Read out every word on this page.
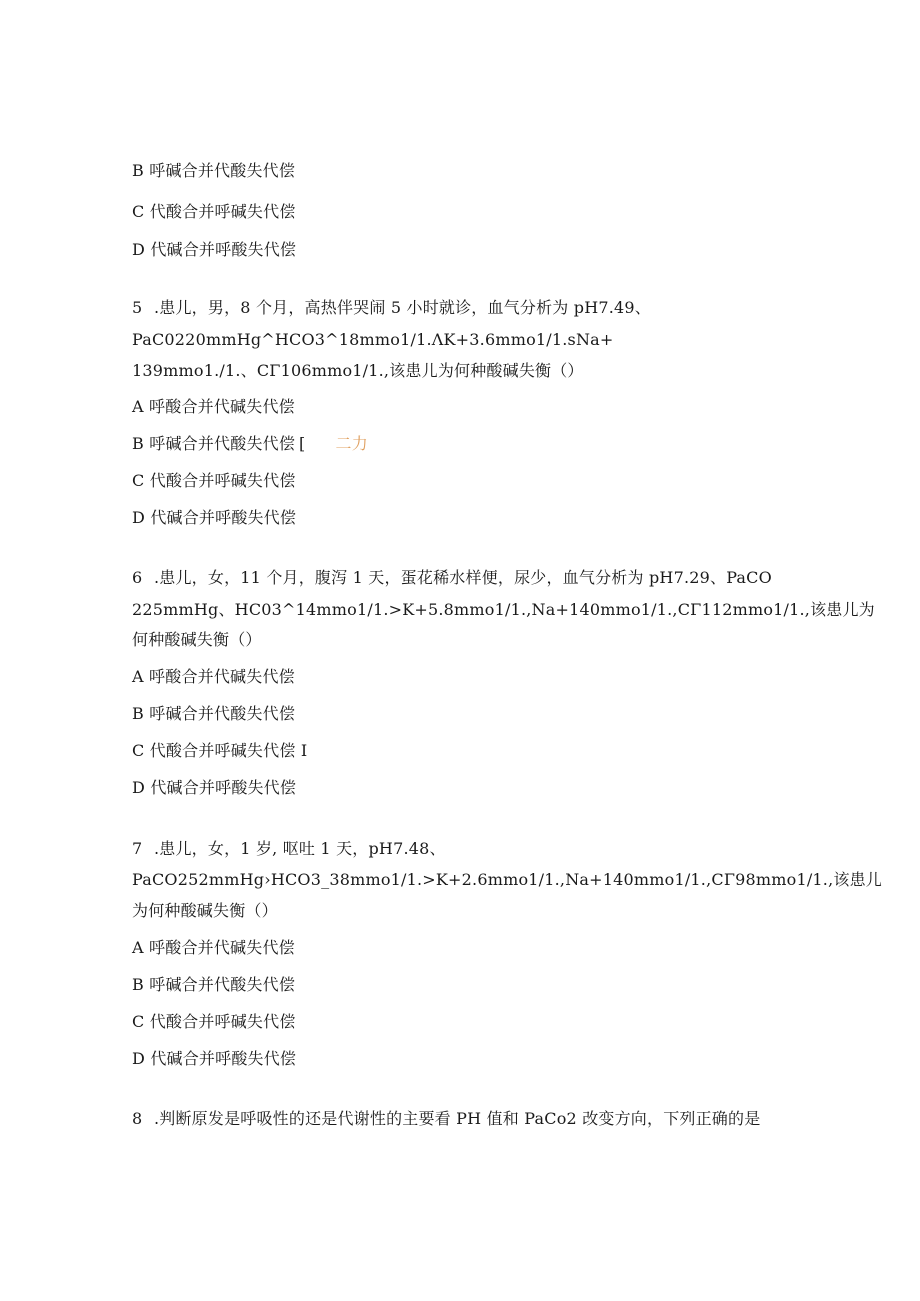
B 呼碱合并代酸失代偿
C 代酸合并呼碱失代偿
D 代碱合并呼酸失代偿
5 .患儿，男，8 个月，高热伴哭闹 5 小时就诊，血气分析为 pH7.49、
PaC0220mmHg^HCO3^18mmo1/1.ΛK+3.6mmo1/1.sNa+
139mmo1./1.、CΓ106mmo1/1.,该患儿为何种酸碱失衡（）
A 呼酸合并代碱失代偿
B 呼碱合并代酸失代偿 [ 二力
C 代酸合并呼碱失代偿
D 代碱合并呼酸失代偿
6 .患儿，女，11 个月，腹泻 1 天，蛋花稀水样便，尿少，血气分析为 pH7.29、PaCO
225mmHg、HC03^14mmo1/1.>K+5.8mmo1/1.,Na+140mmo1/1.,CΓ112mmo1/1.,该患儿为
何种酸碱失衡（）
A 呼酸合并代碱失代偿
B 呼碱合并代酸失代偿
C 代酸合并呼碱失代偿 I
D 代碱合并呼酸失代偿
7 .患儿，女，1 岁, 呕吐 1 天，pH7.48、
PaCO252mmHg›HCO3_38mmo1/1.>K+2.6mmo1/1.,Na+140mmo1/1.,CΓ98mmo1/1.,该患儿
为何种酸碱失衡（）
A 呼酸合并代碱失代偿
B 呼碱合并代酸失代偿
C 代酸合并呼碱失代偿
D 代碱合并呼酸失代偿
8 .判断原发是呼吸性的还是代谢性的主要看 PH 值和 PaCo2 改变方向，下列正确的是
